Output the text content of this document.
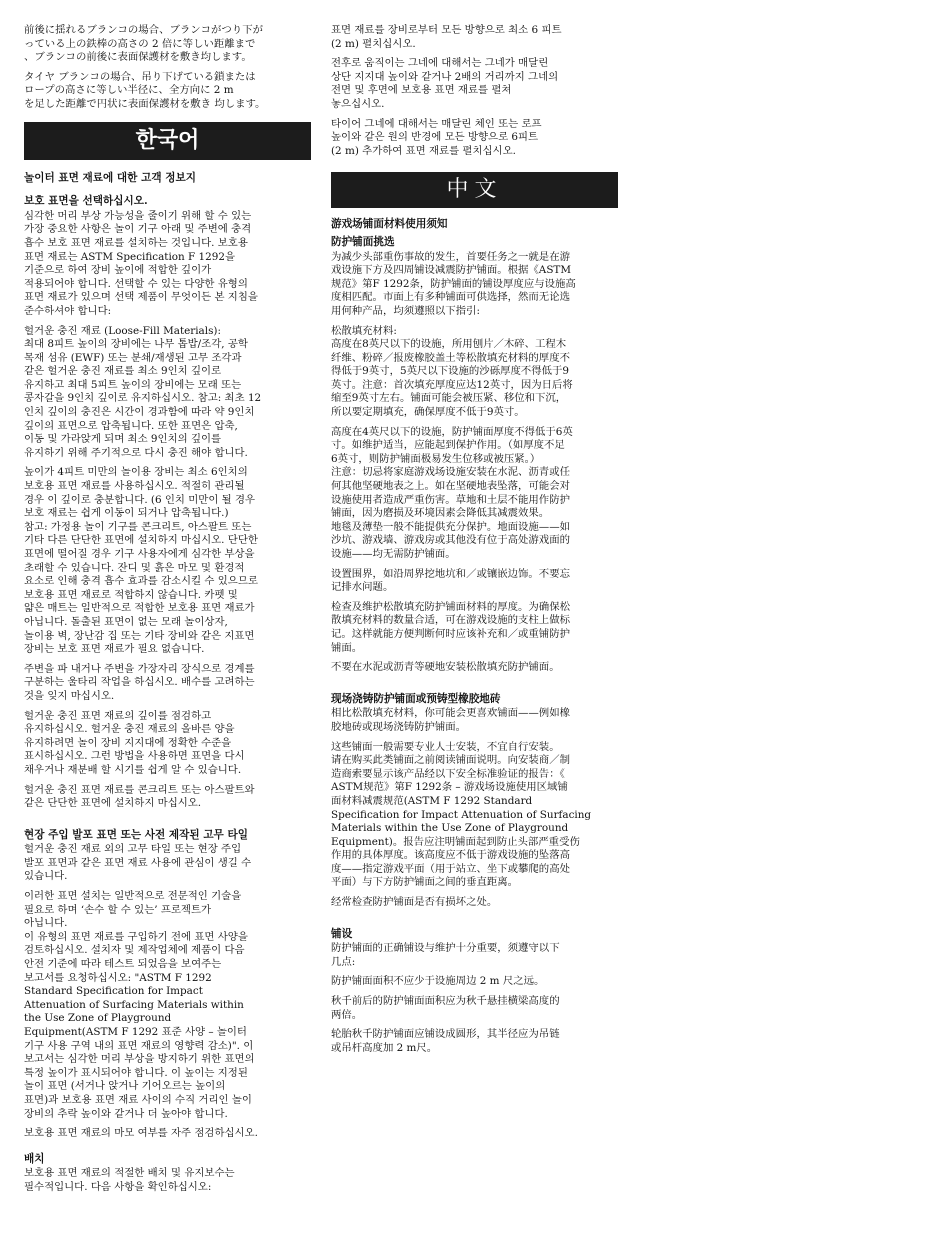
前後に揺れるブランコの場合、ブランコがつり下が
っている上の鉄棒の高さの 2 倍に等しい距離まで
、ブランコの前後に表面保護材を敷き均します。

タイヤ ブランコの場合、吊り下げている鎖または
ロープの高さに等しい半径に、全方向に 2 m
を足した距離で円状に表面保護材を敷き 均します。

한국어
놀이터 표면 재료에 대한 고객 정보지
보호 표면을 선택하십시오.

심각한 머리 부상 가능성을 줄이기 위해 할 수 있는
가장 중요한 사항은 놀이 기구 아래 및 주변에 충격
흡수 보호 표면 재료를 설치하는 것입니다. 보호용
표면 재료는 ASTM Specification F 1292을
기준으로 하여 장비 높이에 적합한 깊이가
적용되어야 합니다. 선택할 수 있는 다양한 유형의
표면 재료가 있으며 선택 제품이 무엇이든 본 지침을
준수하셔야 합니다:

헐거운 충진 재료 (Loose-Fill Materials):
최대 8피트 높이의 장비에는 나무 톱밥/조각, 공학
목재 섬유 (EWF) 또는 분쇄/재생된 고무 조각과
같은 헐거운 충진 재료를 최소 9인치 깊이로
유지하고 최대 5피트 높이의 장비에는 모래 또는
콩자갈을 9인치 깊이로 유지하십시오. 참고: 최초 12
인치 깊이의 충진은 시간이 경과함에 따라 약 9인치
깊이의 표면으로 압축됩니다. 또한 표면은 압축,
이동 및 가라앉게 되며 최소 9인치의 깊이를
유지하기 위해 주기적으로 다시 충진 해야 합니다.

높이가 4피트 미만의 놀이용 장비는 최소 6인치의
보호용 표면 재료를 사용하십시오. 적절히 관리될
경우 이 깊이로 충분합니다. (6 인치 미만이 될 경우
보호 재료는 쉽게 이동이 되거나 압축됩니다.)
참고: 가정용 놀이 기구를 콘크리트, 아스팔트 또는
기타 다른 단단한 표면에 설치하지 마십시오. 단단한
표면에 떨어질 경우 기구 사용자에게 심각한 부상을
초래할 수 있습니다. 잔디 및 흙은 마모 및 환경적
요소로 인해 충격 흡수 효과를 감소시킬 수 있으므로
보호용 표면 재료로 적합하지 않습니다. 카펫 및
얇은 매트는 일반적으로 적합한 보호용 표면 재료가
아닙니다. 돌출된 표면이 없는 모래 놀이상자,
놀이용 벽, 장난감 집 또는 기타 장비와 같은 지표면
장비는 보호 표면 재료가 필요 없습니다.

주변을 파 내거나 주변을 가장자리 장식으로 경계를
구분하는 울타리 작업을 하십시오. 배수를 고려하는
것을 잊지 마십시오.

헐거운 충진 표면 재료의 깊이를 점검하고
유지하십시오. 헐거운 충진 재료의 올바른 양을
유지하려면 놀이 장비 지지대에 정확한 수준을
표시하십시오. 그런 방법을 사용하면 표면을 다시
채우거나 재분배 할 시기를 쉽게 알 수 있습니다.

헐거운 충진 표면 재료를 콘크리트 또는 아스팔트와
같은 단단한 표면에 설치하지 마십시오.

현장 주입 발포 표면 또는 사전 제작된 고무 타일

헐거운 충진 재료 외의 고무 타일 또는 현장 주입
발포 표면과 같은 표면 재료 사용에 관심이 생길 수
있습니다.

이러한 표면 설치는 일반적으로 전문적인 기술을
필요로 하며 ‘손수 할 수 있는’ 프로젝트가
아닙니다.
이 유형의 표면 재료를 구입하기 전에 표면 사양을
검토하십시오. 설치자 및 제작업체에 제품이 다음
안전 기준에 따라 테스트 되었음을 보여주는
보고서를 요청하십시오: "ASTM F 1292
Standard Specification for Impact
Attenuation of Surfacing Materials within
the Use Zone of Playground
Equipment(ASTM F 1292 표준 사양 – 놀이터
기구 사용 구역 내의 표면 재료의 영향력 감소)". 이
보고서는 심각한 머리 부상을 방지하기 위한 표면의
특정 높이가 표시되어야 합니다. 이 높이는 지정된
놀이 표면 (서거나 앉거나 기어오르는 높이의
표면)과 보호용 표면 재료 사이의 수직 거리인 놀이
장비의 추락 높이와 같거나 더 높아야 합니다.

보호용 표면 재료의 마모 여부를 자주 점검하십시오.

배치

보호용 표면 재료의 적절한 배치 및 유지보수는
필수적입니다. 다음 사항을 확인하십시오:

표면 재료를 장비로부터 모든 방향으로 최소 6 피트
(2 m) 펼치십시오.

전후로 움직이는 그네에 대해서는 그네가 매달린
상단 지지대 높이와 같거나 2배의 거리까지 그네의
전면 및 후면에 보호용 표면 재료를 펼쳐
놓으십시오.

타이어 그네에 대해서는 매달린 체인 또는 로프
높이와 같은 원의 반경에 모든 방향으로 6피트
(2 m) 추가하여 표면 재료를 펼치십시오.

中文
游戏场铺面材料使用须知
防护铺面挑选

为减少头部重伤事故的发生，首要任务之一就是在游
戏设施下方及四周铺设减震防护铺面。根据《ASTM
规范》第F 1292条，防护铺面的铺设厚度应与设施高
度相匹配。市面上有多种铺面可供选择，然而无论选
用何种产品，均须遵照以下指引:

松散填充材料:
高度在8英尺以下的设施，所用刨片／木碎、工程木
纤维、粉碎／报废橡胶盖土等松散填充材料的厚度不
得低于9英寸，5英尺以下设施的沙砾厚度不得低于9
英寸。注意：首次填充厚度应达12英寸，因为日后将
缩至9英寸左右。铺面可能会被压紧、移位和下沉，
所以要定期填充，确保厚度不低于9英寸。

高度在4英尺以下的设施，防护铺面厚度不得低于6英
寸。如维护适当，应能起到保护作用。（如厚度不足
6英寸，则防护铺面极易发生位移或被压紧。）
注意：切忌将家庭游戏场设施安装在水泥、沥青或任
何其他坚硬地表之上。如在坚硬地表坠落，可能会对
设施使用者造成严重伤害。草地和土层不能用作防护
铺面，因为磨损及环境因素会降低其减震效果。
地毯及薄垫一般不能提供充分保护。地面设施——如
沙坑、游戏墙、游戏房或其他没有位于高处游戏面的
设施——均无需防护铺面。

设置围界，如沿周界挖地坑和／或镶嵌边饰。不要忘
记排水问题。

检查及维护松散填充防护铺面材料的厚度。为确保松
散填充材料的数量合适，可在游戏设施的支柱上做标
记。这样就能方便判断何时应该补充和／或重铺防护
铺面。

不要在水泥或沥青等硬地安装松散填充防护铺面。

现场浇铸防护铺面或预铸型橡胶地砖

相比松散填充材料，你可能会更喜欢铺面——例如橡
胶地砖或现场浇铸防护铺面。

这些铺面一般需要专业人士安装，不宜自行安装。
请在购买此类铺面之前阅读铺面说明。向安装商／制
造商索要显示该产品经以下安全标准验证的报告：《
ASTM规范》第F 1292条 – 游戏场设施使用区域铺
面材料减震规范(ASTM F 1292 Standard
Specification for Impact Attenuation of Surfacing
Materials within the Use Zone of Playground
Equipment)。报告应注明铺面起到防止头部严重受伤
作用的具体厚度。该高度应不低于游戏设施的坠落高
度——指定游戏平面（用于站立、坐下或攀爬的高处
平面）与下方防护铺面之间的垂直距离。

经常检查防护铺面是否有损坏之处。

铺设

防护铺面的正确铺设与维护十分重要，须遵守以下
几点:

防护铺面面积不应少于设施周边 2 m 尺之远。

秋千前后的防护铺面面积应为秋千悬挂横梁高度的
两倍。

轮胎秋千防护铺面应铺设成圆形，其半径应为吊链
或吊杆高度加 2 m尺。
